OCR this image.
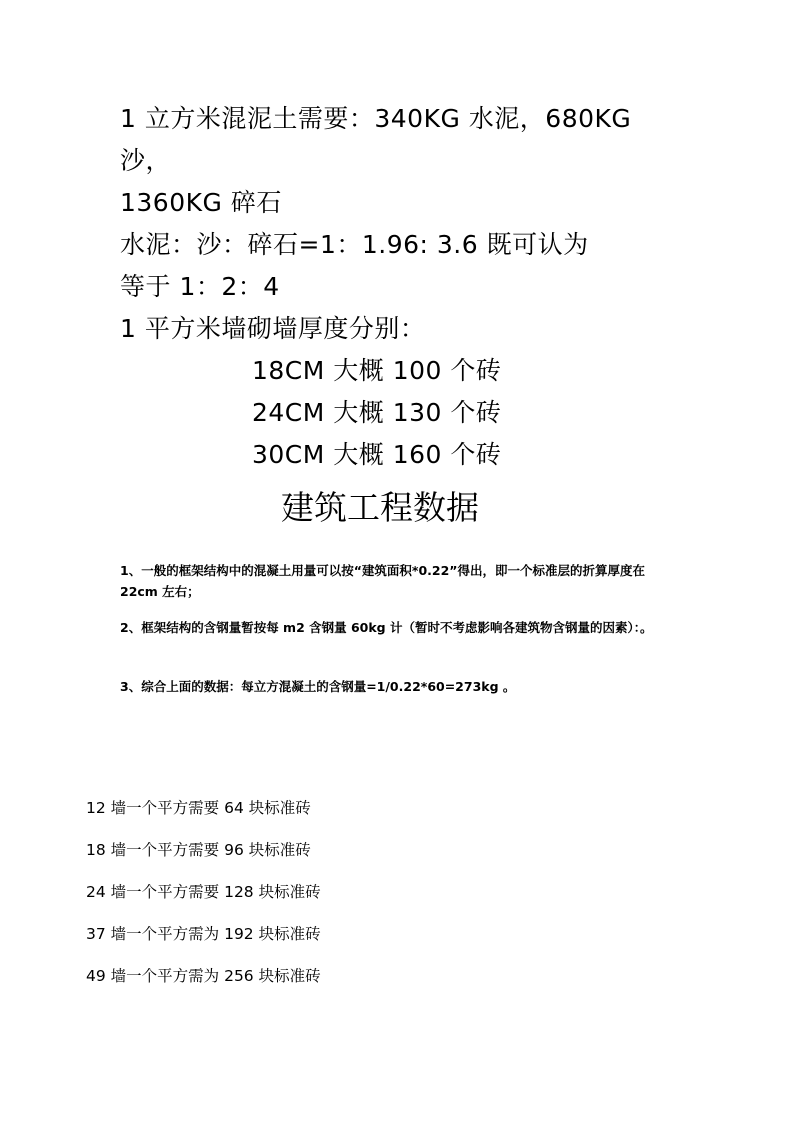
1 立方米混泥土需要：340KG 水泥，680KG
沙，
1360KG 碎石
水泥：沙：碎石=1：1.96: 3.6 既可认为
等于 1：2：4
1 平方米墙砌墙厚度分别：
18CM 大概 100 个砖
24CM 大概 130 个砖
30CM 大概 160 个砖
建筑工程数据
1、一般的框架结构中的混凝土用量可以按“建筑面积*0.22”得出，即一个标准层的折算厚度在 22cm 左右；
2、框架结构的含钢量暂按每 m2 含钢量 60kg 计（暂时不考虑影响各建筑物含钢量的因素）：。
3、综合上面的数据：每立方混凝土的含钢量=1/0.22*60=273kg 。
12 墙一个平方需要 64 块标准砖
18 墙一个平方需要 96 块标准砖
24 墙一个平方需要 128 块标准砖
37 墙一个平方需为 192 块标准砖
49 墙一个平方需为 256 块标准砖
